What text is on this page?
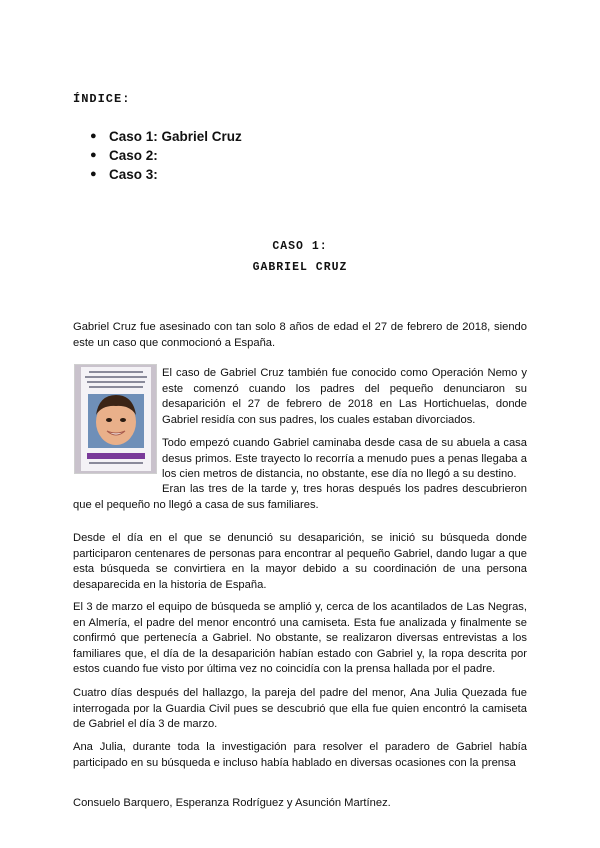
ÍNDICE:
● Caso 1: Gabriel Cruz
● Caso 2:
● Caso 3:
CASO 1:
GABRIEL CRUZ

Gabriel Cruz fue asesinado con tan solo 8 años de edad el 27 de febrero de 2018, siendo este un caso que conmocionó a España.

El caso de Gabriel Cruz también fue conocido como Operación Nemo y este comenzó cuando los padres del pequeño denunciaron su desaparición el 27 de febrero de 2018 en Las Hortichuelas, donde Gabriel residía con sus padres, los cuales estaban divorciados.

Todo empezó cuando Gabriel caminaba desde casa de su abuela a casa desus primos. Este trayecto lo recorría a menudo pues a penas llegaba a los cien metros de distancia, no obstante, ese día no llegó a su destino.

Eran las tres de la tarde y, tres horas después los padres descubrieron que el pequeño no llegó a casa de sus familiares.

Desde el día en el que se denunció su desaparición, se inició su búsqueda donde participaron centenares de personas para encontrar al pequeño Gabriel, dando lugar a que esta búsqueda se convirtiera en la mayor debido a su coordinación de una persona desaparecida en la historia de España.

El 3 de marzo el equipo de búsqueda se amplió y, cerca de los acantilados de Las Negras, en Almería, el padre del menor encontró una camiseta. Esta fue analizada y finalmente se confirmó que pertenecía a Gabriel. No obstante, se realizaron diversas entrevistas a los familiares que, el día de la desaparición habían estado con Gabriel y, la ropa descrita por estos cuando fue visto por última vez no coincidía con la prensa hallada por el padre.

Cuatro días después del hallazgo, la pareja del padre del menor, Ana Julia Quezada fue interrogada por la Guardia Civil pues se descubrió que ella fue quien encontró la camiseta de Gabriel el día 3 de marzo.

Ana Julia, durante toda la investigación para resolver el paradero de Gabriel había participado en su búsqueda e incluso había hablado en diversas ocasiones con la prensa

Consuelo Barquero, Esperanza Rodríguez y Asunción Martínez.
